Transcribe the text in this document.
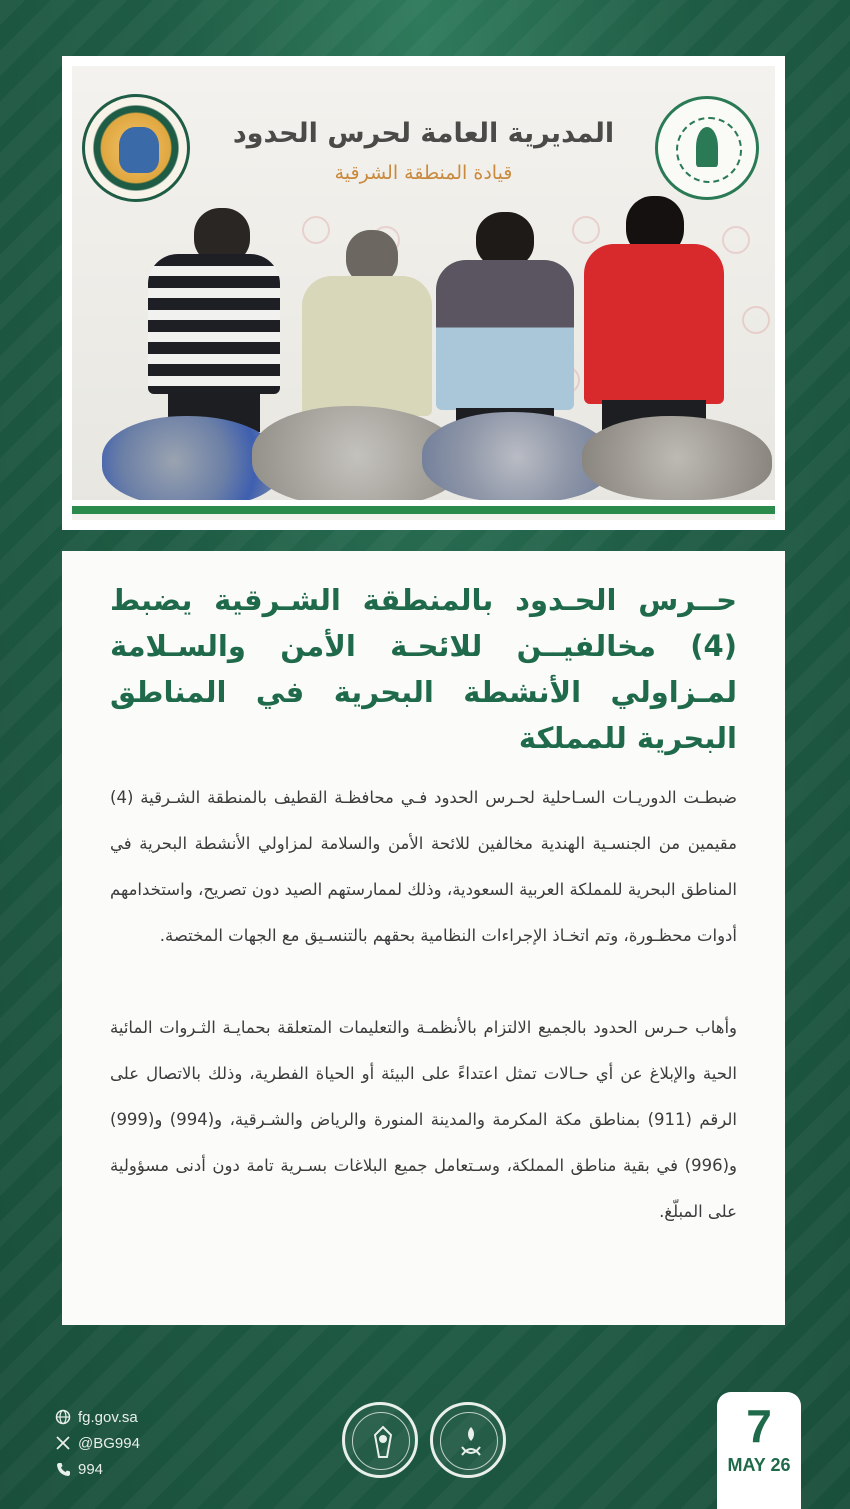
المديرية العامة لحرس الحدود
قيادة المنطقة الشرقية
حــرس الحـدود بالمنطقة الشـرقية يضبط (4) مخالفيــن للائحـة الأمن والسـلامة لمـزاولي الأنشطة البحرية في المناطق البحرية للمملكة

ضبطـت الدوريـات السـاحلية لحـرس الحدود فـي محافظـة القطيف بالمنطقة الشـرقية (4) مقيمين من الجنسـية الهندية مخالفين للائحة الأمن والسلامة لمزاولي الأنشطة البحرية في المناطق البحرية للمملكة العربية السعودية، وذلك لممارستهم الصيد دون تصريح، واستخدامهم أدوات محظـورة، وتم اتخـاذ الإجراءات النظامية بحقهم بالتنسـيق مع الجهات المختصة.

وأهاب حـرس الحدود بالجميع الالتزام بالأنظمـة والتعليمات المتعلقة بحمايـة الثـروات المائية الحية والإبلاغ عن أي حـالات تمثل اعتداءً على البيئة أو الحياة الفطرية، وذلك بالاتصال على الرقم (911) بمناطق مكة المكرمة والمدينة المنورة والرياض والشـرقية، و(994) و(999) و(996) في بقية مناطق المملكة، وسـتعامل جميع البلاغات بسـرية تامة دون أدنى مسؤولية على المبلّغ.

fg.gov.sa
@BG994
994
7
MAY 26
